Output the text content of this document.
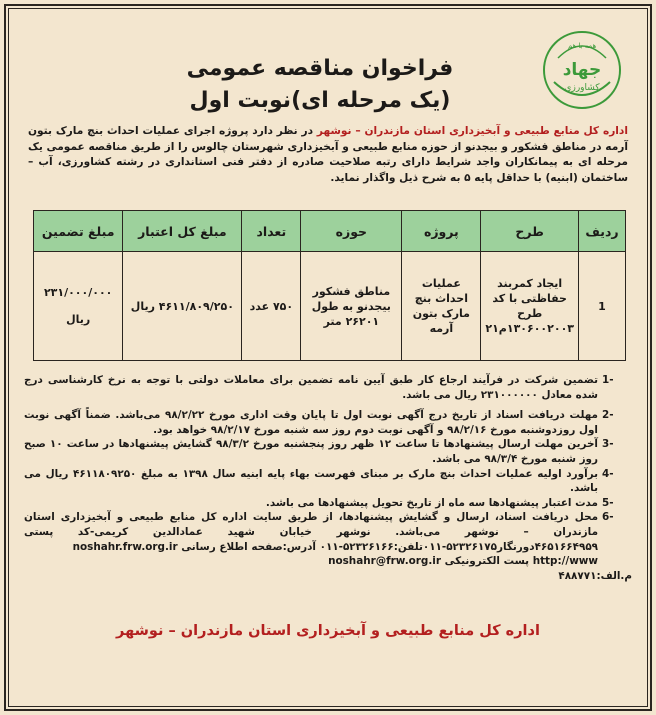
همه با هم
جهاد
کشاورزی
فراخوان مناقصه عمومی
(یک مرحله ای)نوبت اول
اداره کل منابع طبیعی و آبخیزداری استان مازندران – نوشهر در نظر دارد پروژه اجرای عملیات احداث بنچ مارک بتون آرمه در مناطق فشکور و بیجدنو از حوزه منابع طبیعی و آبخیزداری شهرستان چالوس را از طریق مناقصه عمومی یک مرحله ای به پیمانکاران واجد شرایط دارای رتبه صلاحیت صادره از دفتر فنی استانداری در رشته کشاورزی، آب – ساختمان (ابنیه) با حداقل پایه ۵ به شرح ذیل واگذار نماید.
ردیف	طرح	پروژه	حوزه	تعداد	مبلغ کل اعتبار	مبلغ تضمین
1	ایجاد کمربند حفاظتی با کد طرح ۱۳۰۶۰۰۲۰۰۳م۲۱	عملیات احداث بنچ مارک بتون آرمه	مناطق فشکور بیجدنو به طول ۲۶۲۰۱ متر	۷۵۰ عدد	۴۶۱۱/۸۰۹/۲۵۰ ریال	۲۳۱/۰۰۰/۰۰۰
ریال
-1
تضمین شرکت در فرآیند ارجاع کار طبق آیین نامه تضمین برای معاملات دولتی با توجه به نرخ کارشناسی درج شده معادل ۲۳۱۰۰۰۰۰۰ ریال می باشد.
-2
مهلت دریافت اسناد از تاریخ درج آگهی نوبت اول تا پایان وقت اداری مورخ ۹۸/۲/۲۲ می‌باشد. ضمناً آگهی نوبت اول روزدوشنبه مورخ ۹۸/۲/۱۶ و آگهی نوبت دوم روز سه شنبه مورخ ۹۸/۲/۱۷ خواهد بود.
-3
آخرین مهلت ارسال پیشنهادها تا ساعت ۱۲ ظهر روز پنجشنبه مورخ ۹۸/۳/۲ گشایش پیشنهادها در ساعت ۱۰ صبح روز شنبه مورخ ۹۸/۳/۴ می باشد.
-4
برآورد اولیه عملیات احداث بنچ مارک بر مبنای فهرست بهاء پایه ابنیه سال ۱۳۹۸ به مبلغ ۴۶۱۱۸۰۹۲۵۰ ریال می باشد.
-5
مدت اعتبار پیشنهادها سه ماه از تاریخ تحویل پیشنهادها می باشد.
-6
محل دریافت اسناد، ارسال و گشایش پیشنهادها، از طریق سایت اداره کل منابع طبیعی و آبخیزداری استان مازندران – نوشهر می‌باشد. نوشهر خیابان شهید عمادالدین کریمی-کد پستی ۴۶۵۱۶۶۴۹۵۹دورنگار۵۲۳۲۶۱۷۵-۰۱۱تلفن:۵۲۳۲۶۱۶۶-۰۱۱ آدرس:صفحه اطلاع رسانی noshahr.frw.org.ir
http://www پست الکترونیکی noshahr@frw.org.ir
م.الف:۴۸۸۷۷۱
اداره کل منابع طبیعی و آبخیزداری استان مازندران – نوشهر
